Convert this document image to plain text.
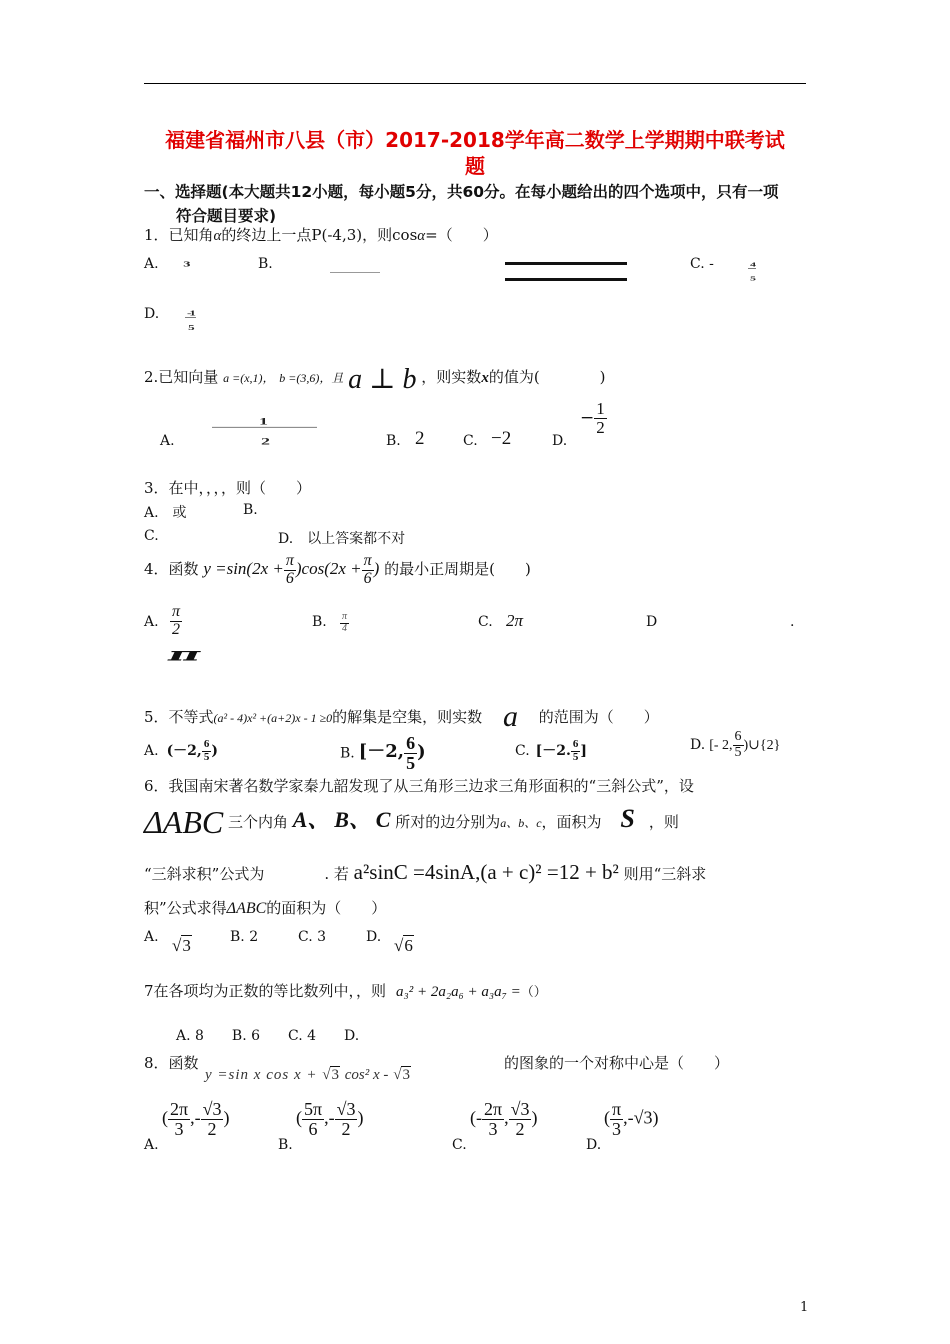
福建省福州市八县（市）2017-2018学年高二数学上学期期中联考试
题
一、选择题(本大题共12小题，每小题5分，共60分。在每小题给出的四个选项中，只有一项
符合题目要求)
1．已知角α的终边上一点P(-4,3)，则cosα=（　　）
A. 3	B.	C. -	$\frac{4}{5}$
D. $\frac{-1}{5}$
2.已知向量 a =(x,1)， b =(3,6)，且 a ⊥ b ，则实数x的值为(　　　　)
A. $\frac{1}{2}$	B. 2	C. −2	D.
− $\frac{1}{2}$
3．在中，，，，则（　　）
A.　或	B.
C.	D.　以上答案都不对
4．函数 $y =\sin(2x + \frac{\pi}{6} )\cos(2x + \frac{\pi}{6}$ ) 的最小正周期是(　　)
A. $\frac{\pi}{2}$	B. $\frac{\pi}{4}$	C. 2π	D	.
π
5．不等式(a² - 4)x² +(a+2)x - 1 ≥0的解集是空集，则实数 a 的范围为（　　）
A. (－2, $\frac{6}{5}$ )	B. [－2, $\frac{6}{5}$ )	C. [－2. $\frac{6}{5}$ ]	D. [- 2, $\frac{6}{5}$ )∪{2}
6．我国南宋著名数学家秦九韶发现了从三角形三边求三角形面积的“三斜公式”，设
ΔABC 三个内角 A、 B、 C 所对的边分别为a、b、c，面积为 S ，则
“三斜求积”公式为	. 若 a²sinC =4sinA,(a + c)² =12 + b² 则用“三斜求
积”公式求得ΔABC的面积为（　　）
A. √3	B. 2	C. 3	D. √6
7在各项均为正数的等比数列中，，则 a₃² + 2a₂a₆ + a₃a₇ =（）
A. 8　　B. 6　　C. 4　　D.
8．函数
y =sin x cos x + √3 cos² x - √3
的图象的一个对称中心是（　　）
A.
( $\frac{2\pi}{3}$ ,- $\frac{√3}{2}$ )
B.
( $\frac{5\pi}{6}$ ,- $\frac{√3}{2}$ )
C.
(- $\frac{2\pi}{3}$ , $\frac{√3}{2}$ )
D.
( $\frac{\pi}{3} ,-√3$)
1
